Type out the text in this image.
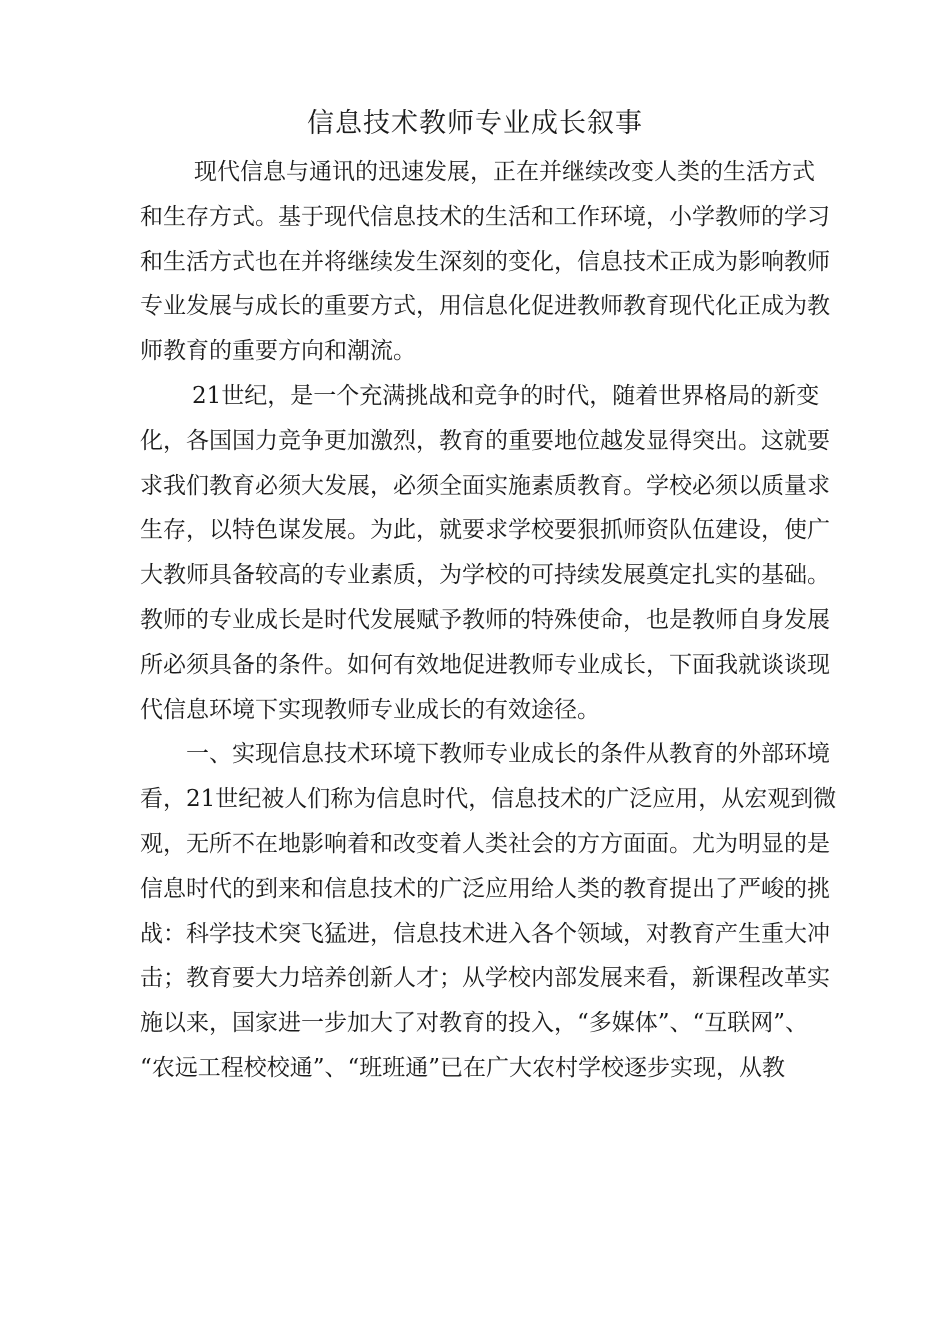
信息技术教师专业成长叙事
现代信息与通讯的迅速发展，正在并继续改变人类的生活方式
和生存方式。基于现代信息技术的生活和工作环境，小学教师的学习
和生活方式也在并将继续发生深刻的变化，信息技术正成为影响教师
专业发展与成长的重要方式，用信息化促进教师教育现代化正成为教
师教育的重要方向和潮流。
21世纪，是一个充满挑战和竞争的时代，随着世界格局的新变
化，各国国力竞争更加激烈，教育的重要地位越发显得突出。这就要
求我们教育必须大发展，必须全面实施素质教育。学校必须以质量求
生存，以特色谋发展。为此，就要求学校要狠抓师资队伍建设，使广
大教师具备较高的专业素质，为学校的可持续发展奠定扎实的基础。
教师的专业成长是时代发展赋予教师的特殊使命，也是教师自身发展
所必须具备的条件。如何有效地促进教师专业成长，下面我就谈谈现
代信息环境下实现教师专业成长的有效途径。
一、实现信息技术环境下教师专业成长的条件从教育的外部环境
看，21世纪被人们称为信息时代，信息技术的广泛应用，从宏观到微
观，无所不在地影响着和改变着人类社会的方方面面。尤为明显的是
信息时代的到来和信息技术的广泛应用给人类的教育提出了严峻的挑
战：科学技术突飞猛进，信息技术进入各个领域，对教育产生重大冲
击；教育要大力培养创新人才；从学校内部发展来看，新课程改革实
施以来，国家进一步加大了对教育的投入，“多媒体”、“互联网”、
“农远工程校校通”、“班班通”已在广大农村学校逐步实现，从教
